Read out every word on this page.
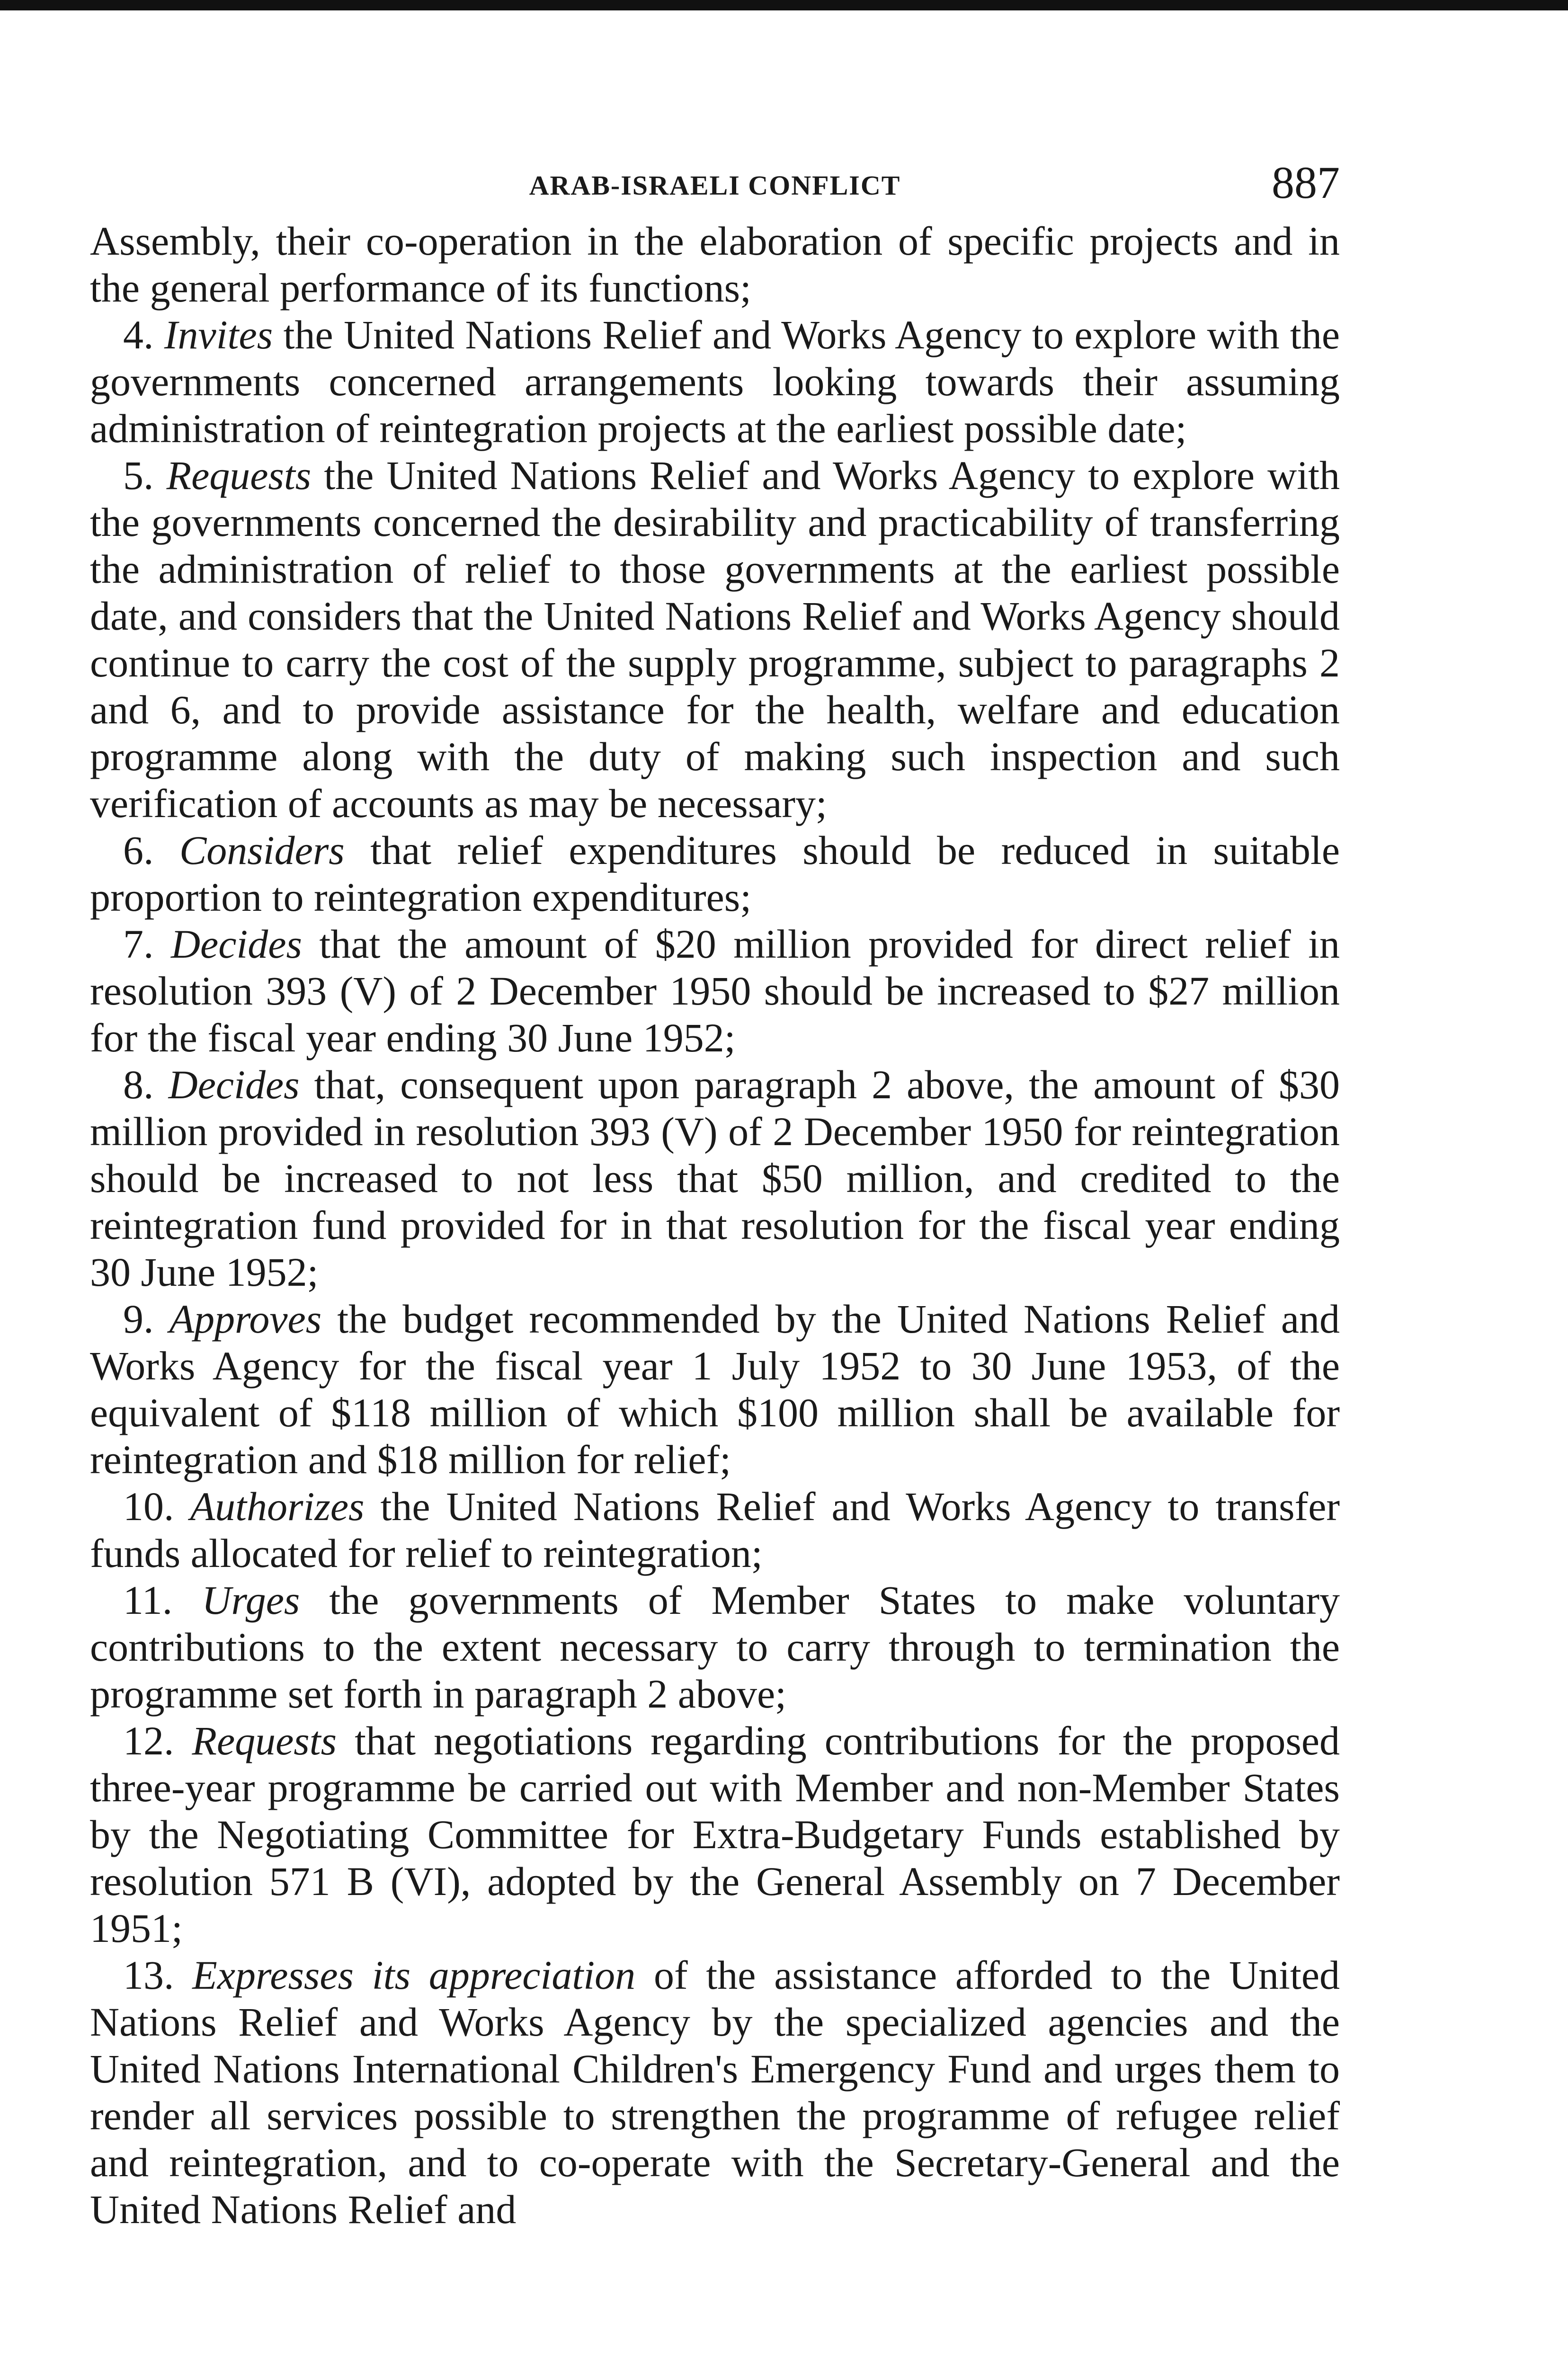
ARAB-ISRAELI CONFLICT	887

Assembly, their co-operation in the elaboration of specific projects and in the general performance of its functions;

4. Invites the United Nations Relief and Works Agency to explore with the governments concerned arrangements looking towards their assuming administration of reintegration projects at the earliest possible date;

5. Requests the United Nations Relief and Works Agency to explore with the governments concerned the desirability and practicability of transferring the administration of relief to those governments at the earliest possible date, and considers that the United Nations Relief and Works Agency should continue to carry the cost of the supply programme, subject to paragraphs 2 and 6, and to provide assistance for the health, welfare and education programme along with the duty of making such inspection and such verification of accounts as may be necessary;

6. Considers that relief expenditures should be reduced in suitable proportion to reintegration expenditures;

7. Decides that the amount of $20 million provided for direct relief in resolution 393 (V) of 2 December 1950 should be increased to $27 million for the fiscal year ending 30 June 1952;

8. Decides that, consequent upon paragraph 2 above, the amount of $30 million provided in resolution 393 (V) of 2 December 1950 for reintegration should be increased to not less that $50 million, and credited to the reintegration fund provided for in that resolution for the fiscal year ending 30 June 1952;

9. Approves the budget recommended by the United Nations Relief and Works Agency for the fiscal year 1 July 1952 to 30 June 1953, of the equivalent of $118 million of which $100 million shall be available for reintegration and $18 million for relief;

10. Authorizes the United Nations Relief and Works Agency to transfer funds allocated for relief to reintegration;

11. Urges the governments of Member States to make voluntary contributions to the extent necessary to carry through to termination the programme set forth in paragraph 2 above;

12. Requests that negotiations regarding contributions for the proposed three-year programme be carried out with Member and non-Member States by the Negotiating Committee for Extra-Budgetary Funds established by resolution 571 B (VI), adopted by the General Assembly on 7 December 1951;

13. Expresses its appreciation of the assistance afforded to the United Nations Relief and Works Agency by the specialized agencies and the United Nations International Children's Emergency Fund and urges them to render all services possible to strengthen the programme of refugee relief and reintegration, and to co-operate with the Secretary-General and the United Nations Relief and
